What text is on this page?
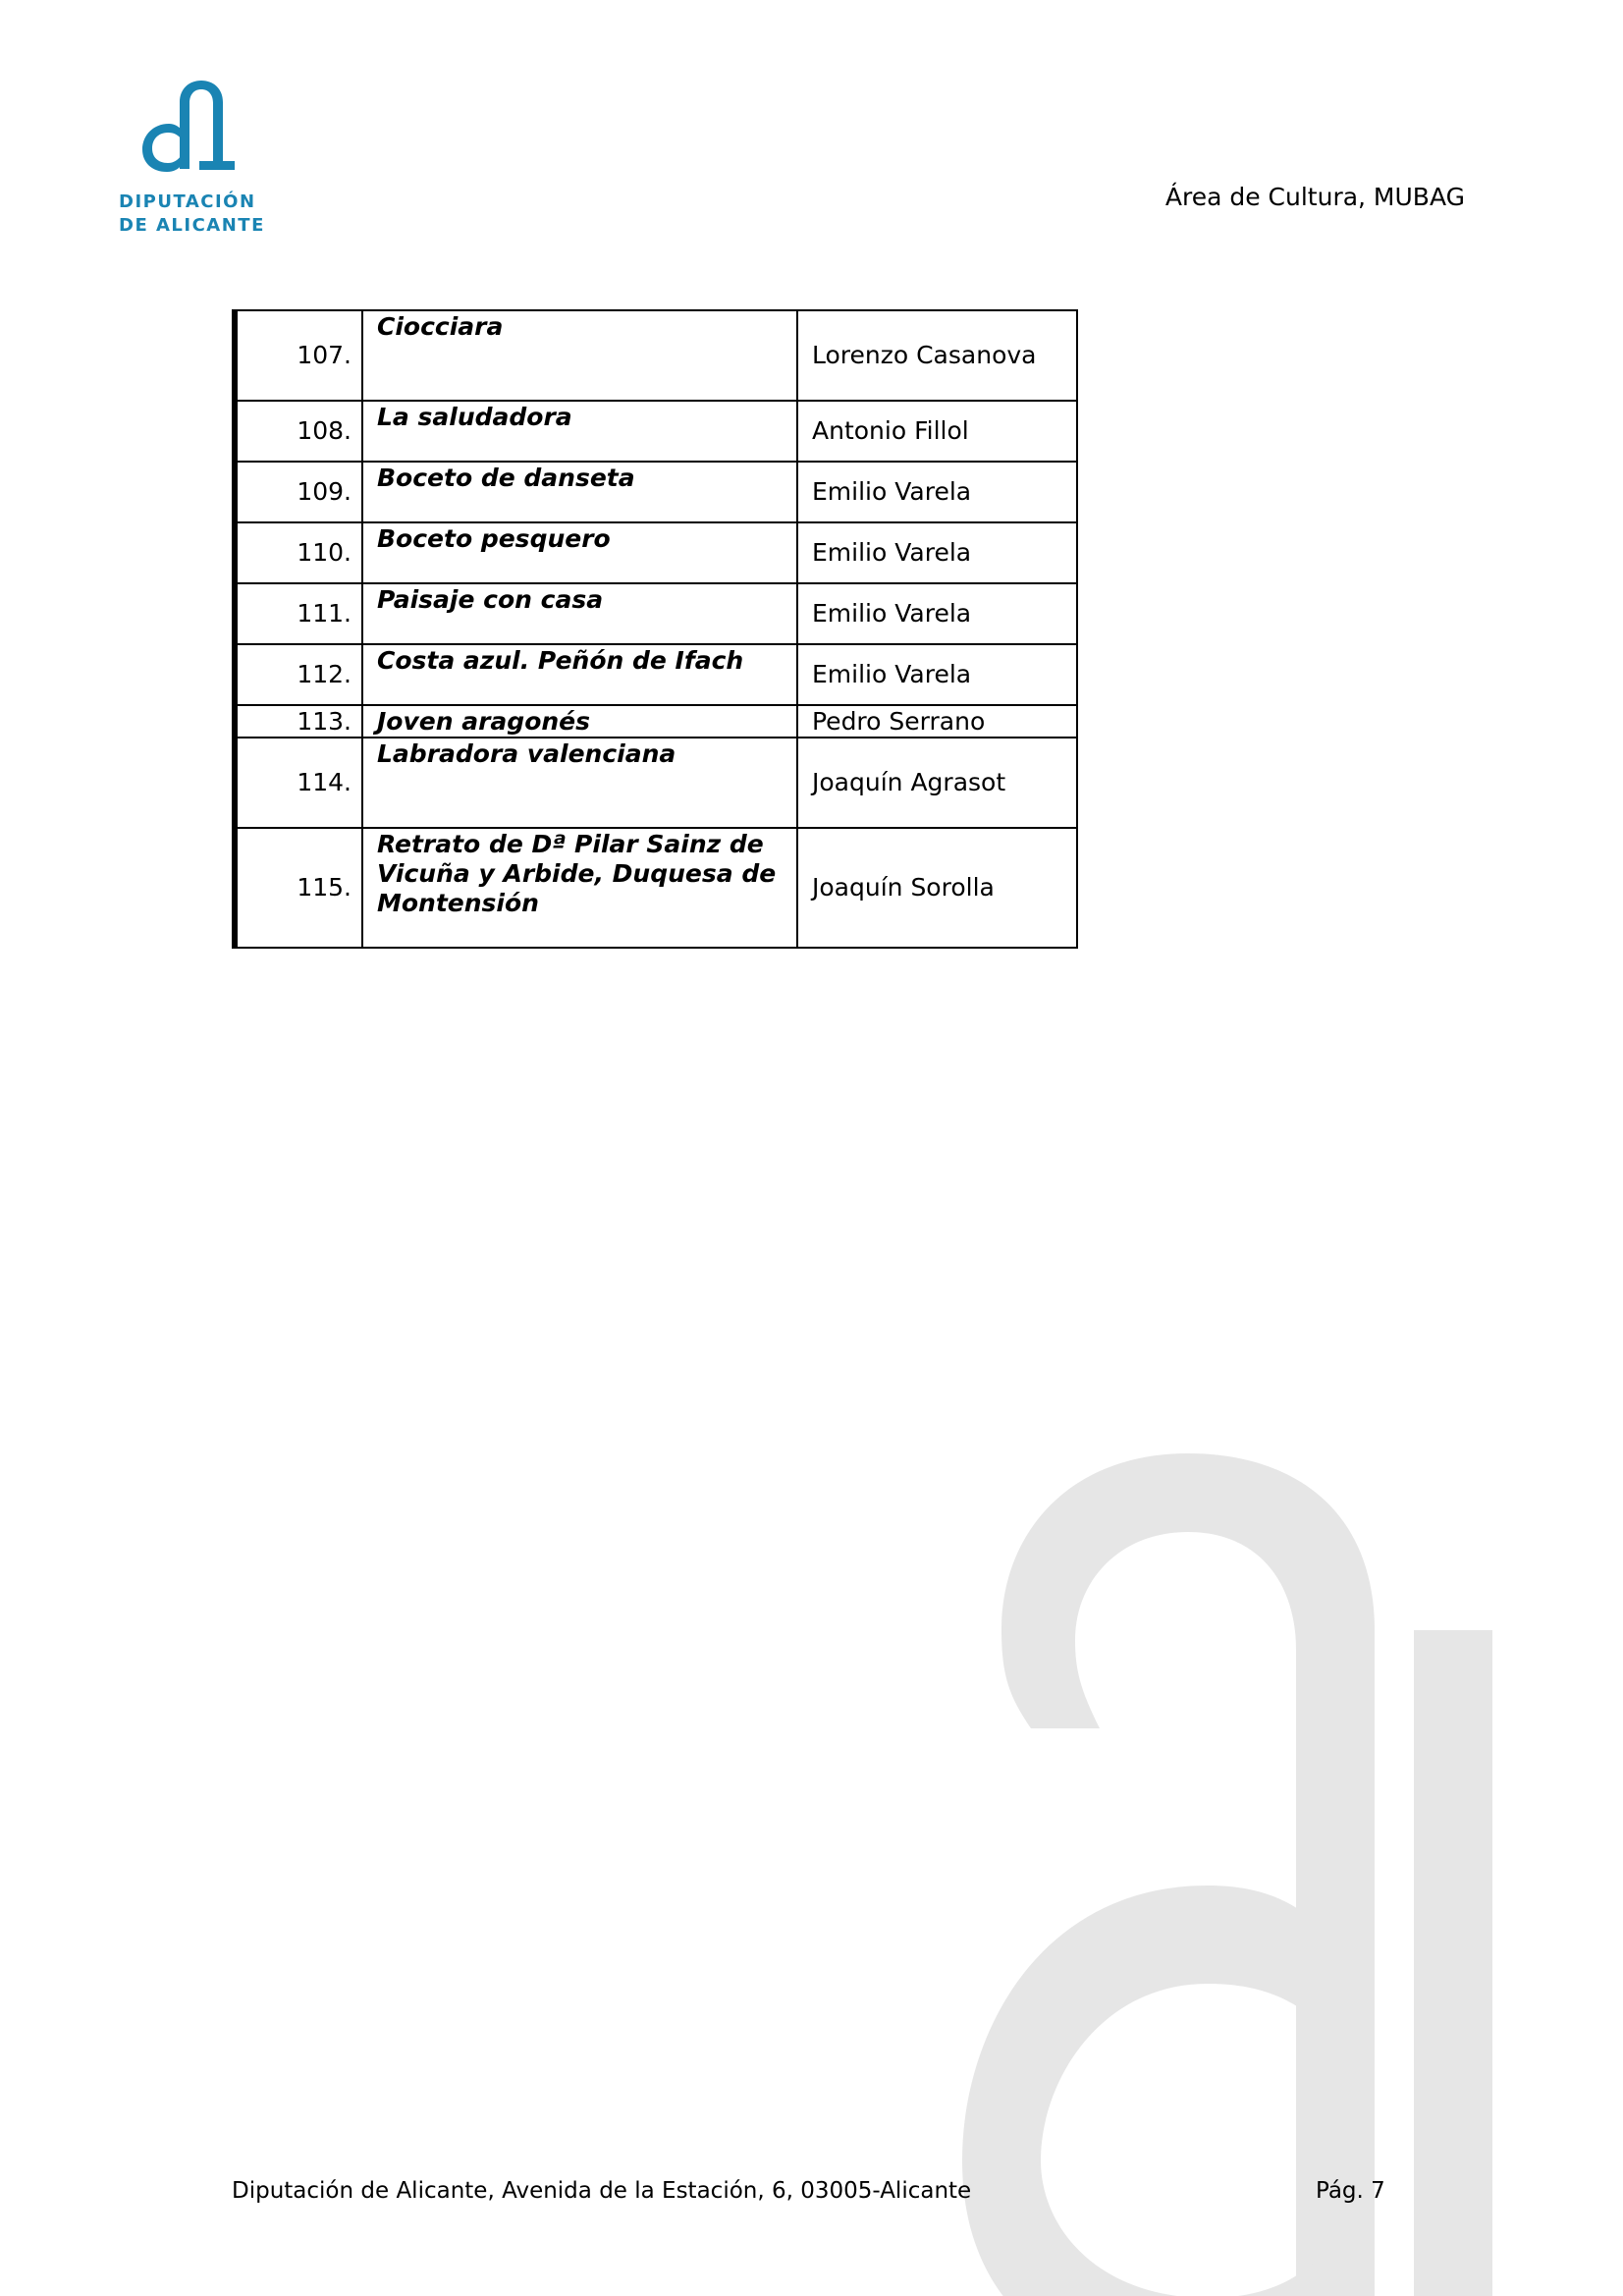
DIPUTACIÓN
DE ALICANTE
Área de Cultura, MUBAG
107.	Ciocciara	Lorenzo Casanova
108.	La saludadora	Antonio Fillol
109.	Boceto de danseta	Emilio Varela
110.	Boceto pesquero	Emilio Varela
111.	Paisaje con casa	Emilio Varela
112.	Costa azul. Peñón de Ifach	Emilio Varela
113.	Joven aragonés	Pedro Serrano
114.	Labradora valenciana	Joaquín Agrasot
115.	Retrato de Dª Pilar Sainz de Vicuña y Arbide, Duquesa de Montensión	Joaquín Sorolla
Diputación de Alicante, Avenida de la Estación, 6, 03005-Alicante	Pág. 7
